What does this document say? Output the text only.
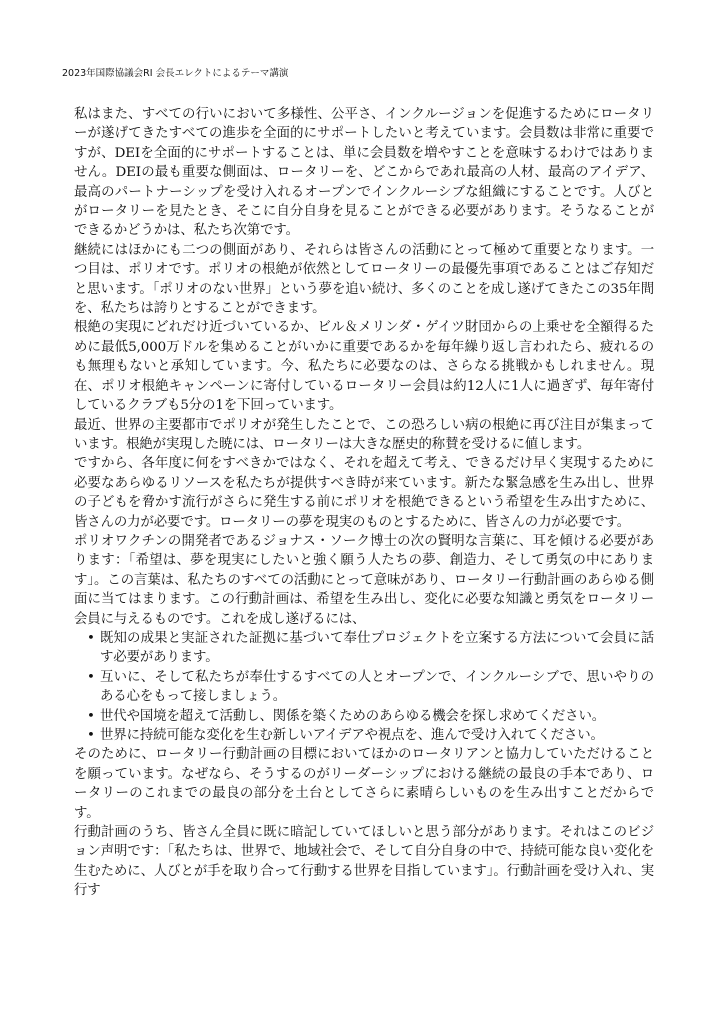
2023年国際協議会RI 会長エレクトによるテーマ講演

私はまた、すべての行いにおいて多様性、公平さ、インクルージョンを促進するためにロータリーが遂げてきたすべての進歩を全面的にサポートしたいと考えています。会員数は非常に重要ですが、DEIを全面的にサポートすることは、単に会員数を増やすことを意味するわけではありません。DEIの最も重要な側面は、ロータリーを、どこからであれ最高の人材、最高のアイデア、最高のパートナーシップを受け入れるオープンでインクルーシブな組織にすることです。人びとがロータリーを見たとき、そこに自分自身を見ることができる必要があります。そうなることができるかどうかは、私たち次第です。

継続にはほかにも二つの側面があり、それらは皆さんの活動にとって極めて重要となります。一つ目は、ポリオです。ポリオの根絶が依然としてロータリーの最優先事項であることはご存知だと思います。「ポリオのない世界」という夢を追い続け、多くのことを成し遂げてきたこの35年間を、私たちは誇りとすることができます。

根絶の実現にどれだけ近づいているか、ビル＆メリンダ・ゲイツ財団からの上乗せを全額得るために最低5,000万ドルを集めることがいかに重要であるかを毎年繰り返し言われたら、疲れるのも無理もないと承知しています。今、私たちに必要なのは、さらなる挑戦かもしれません。現在、ポリオ根絶キャンペーンに寄付しているロータリー会員は約12人に1人に過ぎず、毎年寄付しているクラブも5分の1を下回っています。

最近、世界の主要都市でポリオが発生したことで、この恐ろしい病の根絶に再び注目が集まっています。根絶が実現した暁には、ロータリーは大きな歴史的称賛を受けるに値します。

ですから、各年度に何をすべきかではなく、それを超えて考え、できるだけ早く実現するために必要なあらゆるリソースを私たちが提供すべき時が来ています。新たな緊急感を生み出し、世界の子どもを脅かす流行がさらに発生する前にポリオを根絶できるという希望を生み出すために、皆さんの力が必要です。ロータリーの夢を現実のものとするために、皆さんの力が必要です。

ポリオワクチンの開発者であるジョナス・ソーク博士の次の賢明な言葉に、耳を傾ける必要があります：「希望は、夢を現実にしたいと強く願う人たちの夢、創造力、そして勇気の中にあります」。この言葉は、私たちのすべての活動にとって意味があり、ロータリー行動計画のあらゆる側面に当てはまります。この行動計画は、希望を生み出し、変化に必要な知識と勇気をロータリー会員に与えるものです。これを成し遂げるには、

• 既知の成果と実証された証拠に基づいて奉仕プロジェクトを立案する方法について会員に話す必要があります。
• 互いに、そして私たちが奉仕するすべての人とオープンで、インクルーシブで、思いやりのある心をもって接しましょう。
• 世代や国境を超えて活動し、関係を築くためのあらゆる機会を探し求めてください。
• 世界に持続可能な変化を生む新しいアイデアや視点を、進んで受け入れてください。

そのために、ロータリー行動計画の目標においてほかのロータリアンと協力していただけることを願っています。なぜなら、そうするのがリーダーシップにおける継続の最良の手本であり、ロータリーのこれまでの最良の部分を土台としてさらに素晴らしいものを生み出すことだからです。

行動計画のうち、皆さん全員に既に暗記していてほしいと思う部分があります。それはこのビジョン声明です：「私たちは、世界で、地域社会で、そして自分自身の中で、持続可能な良い変化を生むために、人びとが手を取り合って行動する世界を目指しています」。行動計画を受け入れ、実行す
